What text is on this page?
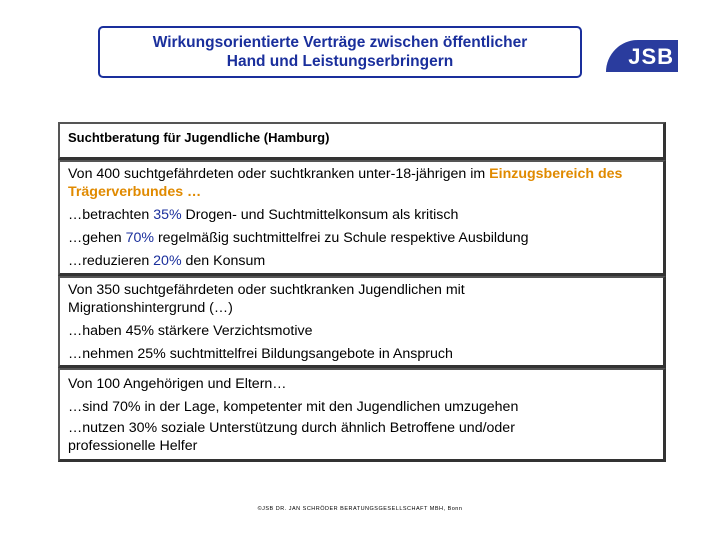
Wirkungsorientierte Verträge zwischen öffentlicher
Hand und Leistungserbringern	JSB
Suchtberatung für Jugendliche (Hamburg)
Von 400 suchtgefährdeten oder suchtkranken unter-18-jährigen im Einzugsbereich des Trägerverbundes …
…betrachten 35% Drogen- und Suchtmittelkonsum als kritisch
…gehen 70% regelmäßig suchtmittelfrei zu Schule respektive Ausbildung
…reduzieren 20% den Konsum
Von 350 suchtgefährdeten oder suchtkranken Jugendlichen mit Migrationshintergrund (…)
…haben 45% stärkere Verzichtsmotive
…nehmen 25% suchtmittelfrei Bildungsangebote in Anspruch
Von 100 Angehörigen und Eltern…
…sind 70% in der Lage, kompetenter mit den Jugendlichen umzugehen
…nutzen 30% soziale Unterstützung durch ähnlich Betroffene und/oder professionelle Helfer
©JSB DR. JAN SCHRÖDER BERATUNGSGESELLSCHAFT MBH, Bonn
